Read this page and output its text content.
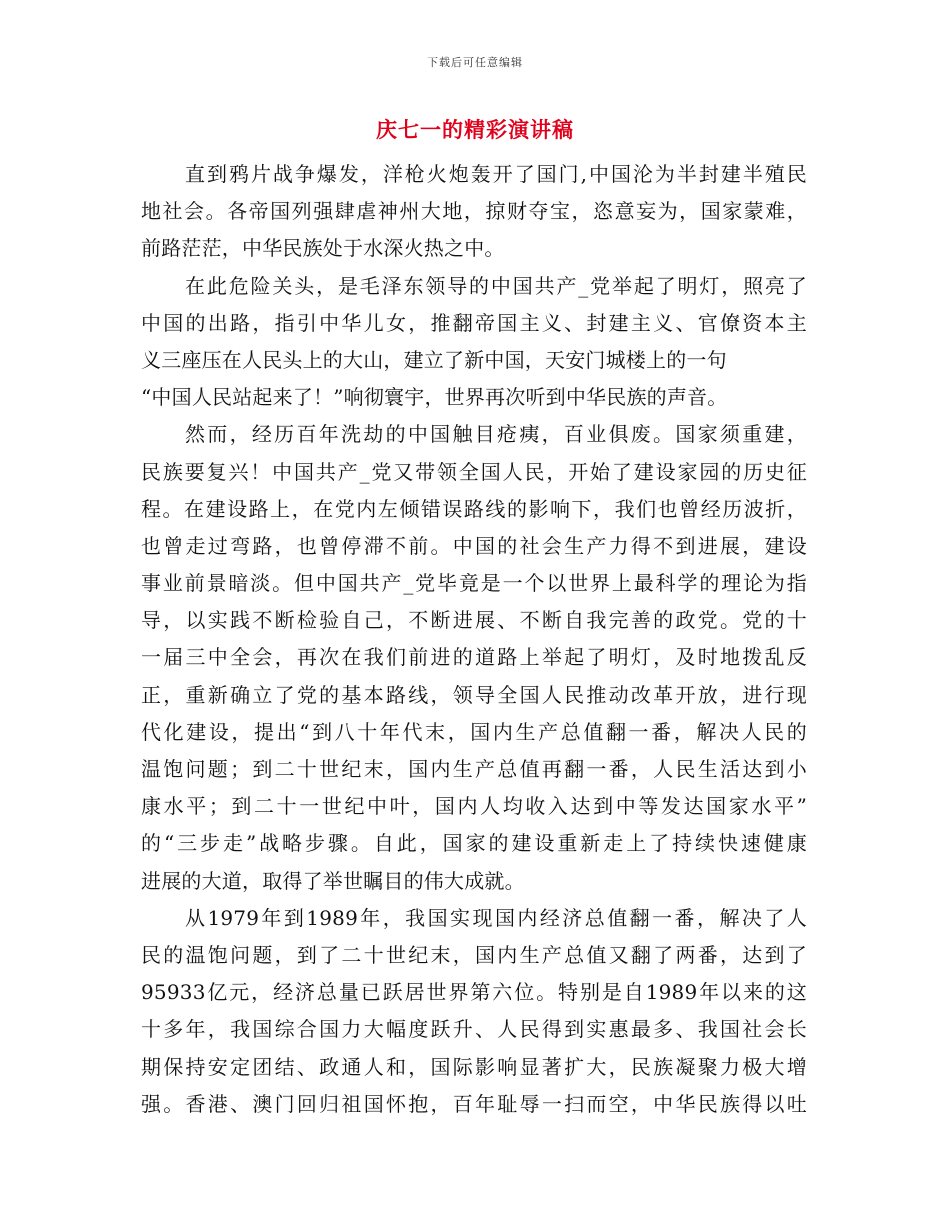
下载后可任意编辑
庆七一的精彩演讲稿
直到鸦片战争爆发，洋枪火炮轰开了国门,中国沦为半封建半殖民
地社会。各帝国列强肆虐神州大地，掠财夺宝，恣意妄为，国家蒙难，
前路茫茫，中华民族处于水深火热之中。
在此危险关头，是毛泽东领导的中国共产_党举起了明灯，照亮了
中国的出路，指引中华儿女，推翻帝国主义、封建主义、官僚资本主
义三座压在人民头上的大山，建立了新中国，天安门城楼上的一句
“中国人民站起来了！”响彻寰宇，世界再次听到中华民族的声音。
然而，经历百年洗劫的中国触目疮痍，百业俱废。国家须重建，
民族要复兴！中国共产_党又带领全国人民，开始了建设家园的历史征
程。在建设路上，在党内左倾错误路线的影响下，我们也曾经历波折，
也曾走过弯路，也曾停滞不前。中国的社会生产力得不到进展，建设
事业前景暗淡。但中国共产_党毕竟是一个以世界上最科学的理论为指
导，以实践不断检验自己，不断进展、不断自我完善的政党。党的十
一届三中全会，再次在我们前进的道路上举起了明灯，及时地拨乱反
正，重新确立了党的基本路线，领导全国人民推动改革开放，进行现
代化建设，提出“到八十年代末，国内生产总值翻一番，解决人民的
温饱问题；到二十世纪末，国内生产总值再翻一番，人民生活达到小
康水平；到二十一世纪中叶，国内人均收入达到中等发达国家水平”
的“三步走”战略步骤。自此，国家的建设重新走上了持续快速健康
进展的大道，取得了举世瞩目的伟大成就。
从1979年到1989年，我国实现国内经济总值翻一番，解决了人
民的温饱问题，到了二十世纪末，国内生产总值又翻了两番，达到了
95933亿元，经济总量已跃居世界第六位。特别是自1989年以来的这
十多年，我国综合国力大幅度跃升、人民得到实惠最多、我国社会长
期保持安定团结、政通人和，国际影响显著扩大，民族凝聚力极大增
强。香港、澳门回归祖国怀抱，百年耻辱一扫而空，中华民族得以吐
